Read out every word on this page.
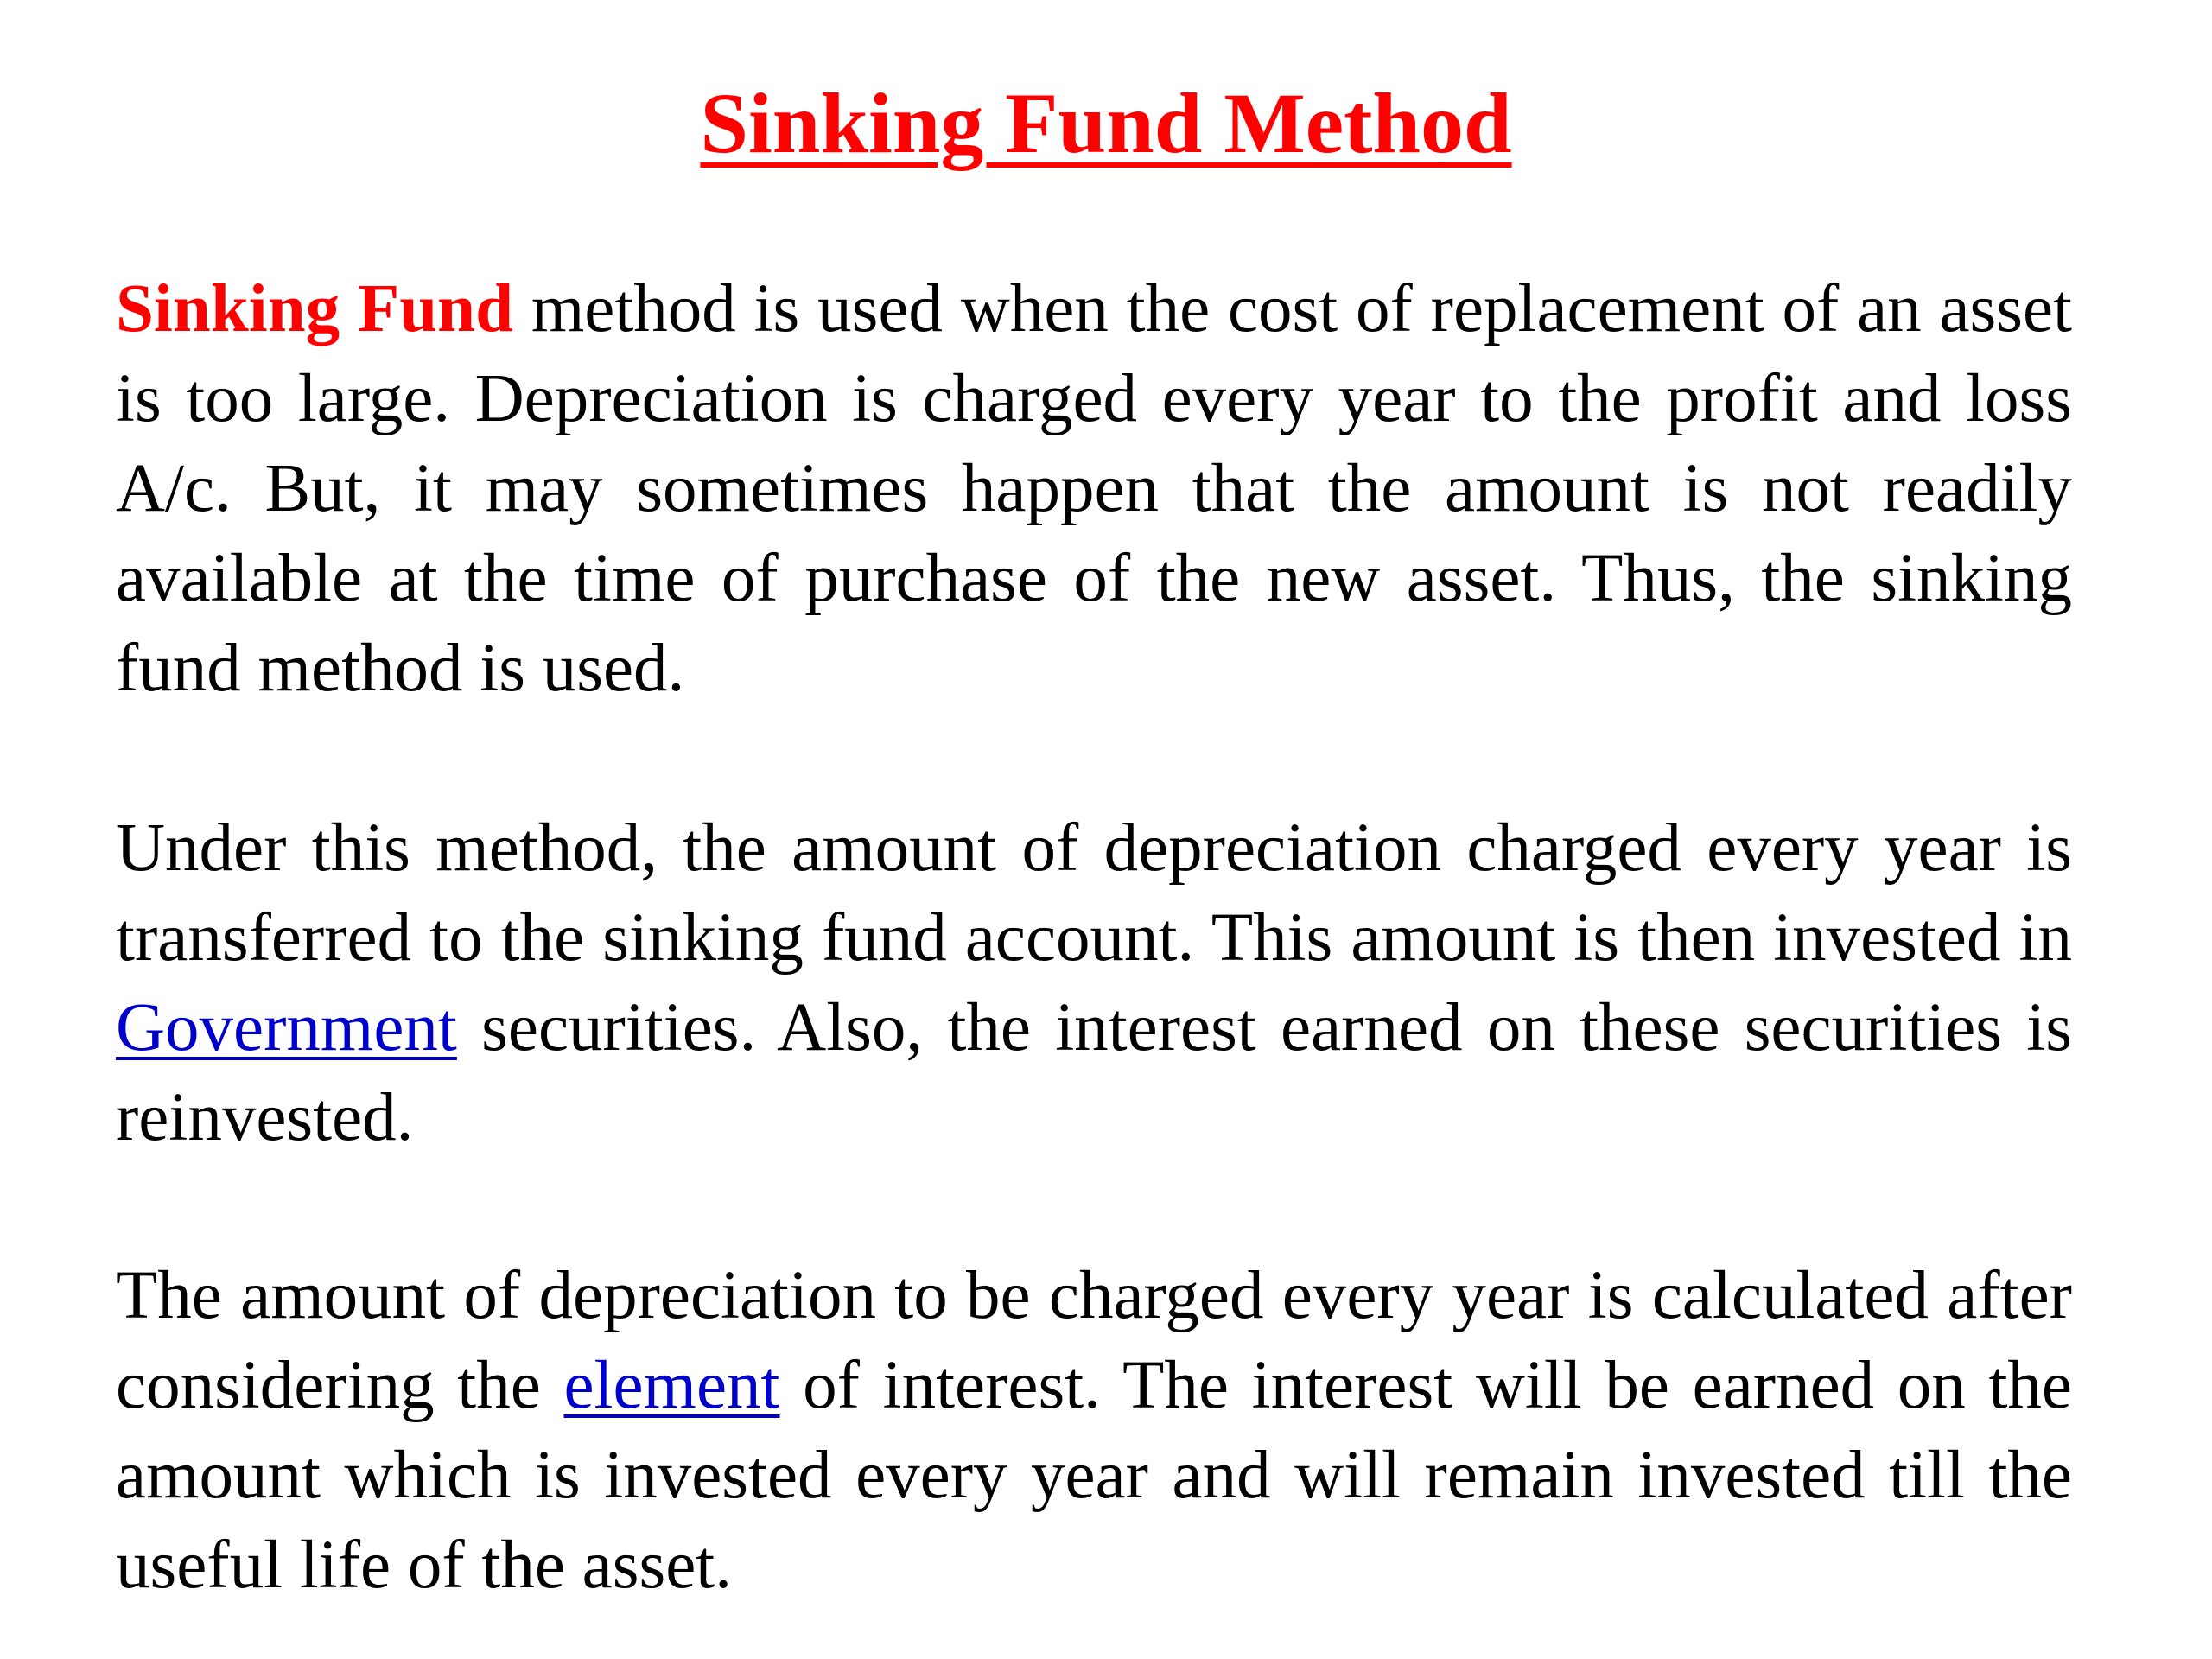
Sinking Fund Method

Sinking Fund method is used when the cost of replacement of an asset is too large. Depreciation is charged every year to the profit and loss A/c. But, it may sometimes happen that the amount is not readily available at the time of purchase of the new asset. Thus, the sinking fund method is used.

Under this method, the amount of depreciation charged every year is transferred to the sinking fund account. This amount is then invested in Government securities. Also, the interest earned on these securities is reinvested.

The amount of depreciation to be charged every year is calculated after considering the element of interest. The interest will be earned on the amount which is invested every year and will remain invested till the useful life of the asset.
